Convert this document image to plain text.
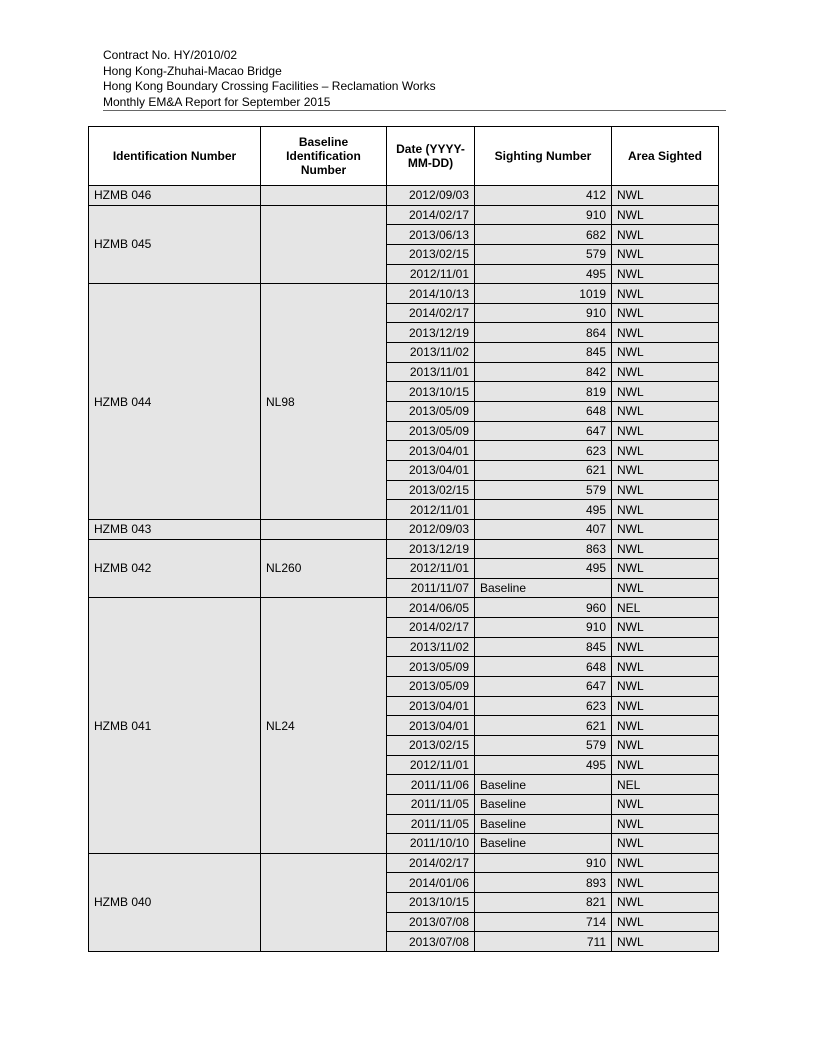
Contract No. HY/2010/02
Hong Kong-Zhuhai-Macao Bridge
Hong Kong Boundary Crossing Facilities – Reclamation Works
Monthly EM&A Report for September 2015
Identification Number	Baseline Identification Number	Date (YYYY-MM-DD)	Sighting Number	Area Sighted
HZMB 046		2012/09/03	412	NWL
HZMB 045		2014/02/17	910	NWL
		2013/06/13	682	NWL
		2013/02/15	579	NWL
		2012/11/01	495	NWL
HZMB 044	NL98	2014/10/13	1019	NWL
		2014/02/17	910	NWL
		2013/12/19	864	NWL
		2013/11/02	845	NWL
		2013/11/01	842	NWL
		2013/10/15	819	NWL
		2013/05/09	648	NWL
		2013/05/09	647	NWL
		2013/04/01	623	NWL
		2013/04/01	621	NWL
		2013/02/15	579	NWL
		2012/11/01	495	NWL
HZMB 043		2012/09/03	407	NWL
HZMB 042	NL260	2013/12/19	863	NWL
		2012/11/01	495	NWL
		2011/11/07	Baseline	NWL
HZMB 041	NL24	2014/06/05	960	NEL
		2014/02/17	910	NWL
		2013/11/02	845	NWL
		2013/05/09	648	NWL
		2013/05/09	647	NWL
		2013/04/01	623	NWL
		2013/04/01	621	NWL
		2013/02/15	579	NWL
		2012/11/01	495	NWL
		2011/11/06	Baseline	NEL
		2011/11/05	Baseline	NWL
		2011/11/05	Baseline	NWL
		2011/10/10	Baseline	NWL
HZMB 040		2014/02/17	910	NWL
		2014/01/06	893	NWL
		2013/10/15	821	NWL
		2013/07/08	714	NWL
		2013/07/08	711	NWL
